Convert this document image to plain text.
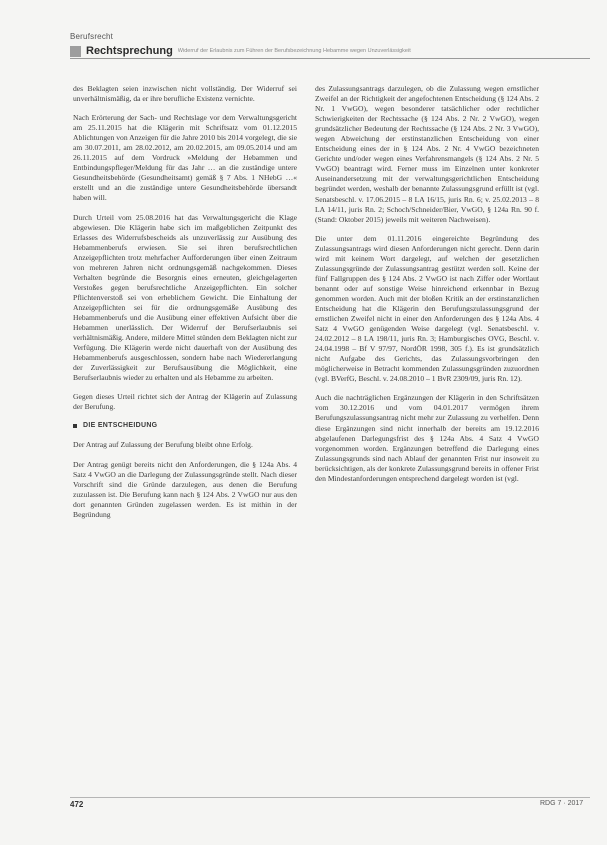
Berufsrecht
Rechtsprechung Widerruf der Erlaubnis zum Führen der Berufsbezeichnung Hebamme wegen Unzuverlässigkeit

des Beklagten seien inzwischen nicht vollständig. Der Widerruf sei unverhältnismäßig, da er ihre berufliche Existenz vernichte.

Nach Erörterung der Sach- und Rechtslage vor dem Verwaltungsgericht am 25.11.2015 hat die Klägerin mit Schriftsatz vom 01.12.2015 Ablichtungen von Anzeigen für die Jahre 2010 bis 2014 vorgelegt, die sie am 30.07.2011, am 28.02.2012, am 20.02.2015, am 09.05.2014 und am 26.11.2015 auf dem Vordruck »Meldung der Hebammen und Entbindungspfleger/Meldung für das Jahr … an die zuständige untere Gesundheitsbehörde (Gesundheitsamt) gemäß § 7 Abs. 1 NHebG …« erstellt und an die zuständige untere Gesundheitsbehörde übersandt haben will.

Durch Urteil vom 25.08.2016 hat das Verwaltungsgericht die Klage abgewiesen. Die Klägerin habe sich im maßgeblichen Zeitpunkt des Erlasses des Widerrufsbescheids als unzuverlässig zur Ausübung des Hebammenberufs erwiesen. Sie sei ihren berufsrechtlichen Anzeigepflichten trotz mehrfacher Aufforderungen über einen Zeitraum von mehreren Jahren nicht ordnungsgemäß nachgekommen. Dieses Verhalten begründe die Besorgnis eines erneuten, gleichgelagerten Verstoßes gegen berufsrechtliche Anzeigepflichten. Ein solcher Pflichtenverstoß sei von erheblichem Gewicht. Die Einhaltung der Anzeigepflichten sei für die ordnungsgemäße Ausübung des Hebammenberufs und die Ausübung einer effektiven Aufsicht über die Hebammen unerlässlich. Der Widerruf der Berufserlaubnis sei verhältnismäßig. Andere, mildere Mittel stünden dem Beklagten nicht zur Verfügung. Die Klägerin werde nicht dauerhaft von der Ausübung des Hebammenberufs ausgeschlossen, sondern habe nach Wiedererlangung der Zuverlässigkeit zur Berufsausübung die Möglichkeit, eine Berufserlaubnis wieder zu erhalten und als Hebamme zu arbeiten.

Gegen dieses Urteil richtet sich der Antrag der Klägerin auf Zulassung der Berufung.

DIE ENTSCHEIDUNG

Der Antrag auf Zulassung der Berufung bleibt ohne Erfolg.

Der Antrag genügt bereits nicht den Anforderungen, die § 124a Abs. 4 Satz 4 VwGO an die Darlegung der Zulassungsgründe stellt. Nach dieser Vorschrift sind die Gründe darzulegen, aus denen die Berufung zuzulassen ist. Die Berufung kann nach § 124 Abs. 2 VwGO nur aus den dort genannten Gründen zugelassen werden. Es ist mithin in der Begründung

des Zulassungsantrags darzulegen, ob die Zulassung wegen ernstlicher Zweifel an der Richtigkeit der angefochtenen Entscheidung (§ 124 Abs. 2 Nr. 1 VwGO), wegen besonderer tatsächlicher oder rechtlicher Schwierigkeiten der Rechtssache (§ 124 Abs. 2 Nr. 2 VwGO), wegen grundsätzlicher Bedeutung der Rechtssache (§ 124 Abs. 2 Nr. 3 VwGO), wegen Abweichung der erstinstanzlichen Entscheidung von einer Entscheidung eines der in § 124 Abs. 2 Nr. 4 VwGO bezeichneten Gerichte und/oder wegen eines Verfahrensmangels (§ 124 Abs. 2 Nr. 5 VwGO) beantragt wird. Ferner muss im Einzelnen unter konkreter Auseinandersetzung mit der verwaltungsgerichtlichen Entscheidung begründet werden, weshalb der benannte Zulassungsgrund erfüllt ist (vgl. Senatsbeschl. v. 17.06.2015 – 8 LA 16/15, juris Rn. 6; v. 25.02.2013 – 8 LA 14/11, juris Rn. 2; Schoch/Schneider/Bier, VwGO, § 124a Rn. 90 f. (Stand: Oktober 2015) jeweils mit weiteren Nachweisen).

Die unter dem 01.11.2016 eingereichte Begründung des Zulassungsantrags wird diesen Anforderungen nicht gerecht. Denn darin wird mit keinem Wort dargelegt, auf welchen der gesetzlichen Zulassungsgründe der Zulassungsantrag gestützt werden soll. Keine der fünf Fallgruppen des § 124 Abs. 2 VwGO ist nach Ziffer oder Wortlaut benannt oder auf sonstige Weise hinreichend erkennbar in Bezug genommen worden. Auch mit der bloßen Kritik an der erstinstanzlichen Entscheidung hat die Klägerin den Berufungszulassungsgrund der ernstlichen Zweifel nicht in einer den Anforderungen des § 124a Abs. 4 Satz 4 VwGO genügenden Weise dargelegt (vgl. Senatsbeschl. v. 24.02.2012 – 8 LA 198/11, juris Rn. 3; Hamburgisches OVG, Beschl. v. 24.04.1998 – Bf V 97/97, NordÖR 1998, 305 f.). Es ist grundsätzlich nicht Aufgabe des Gerichts, das Zulassungsvorbringen den möglicherweise in Betracht kommenden Zulassungsgründen zuzuordnen (vgl. BVerfG, Beschl. v. 24.08.2010 – 1 BvR 2309/09, juris Rn. 12).

Auch die nachträglichen Ergänzungen der Klägerin in den Schriftsätzen vom 30.12.2016 und vom 04.01.2017 vermögen ihrem Berufungszulassungsantrag nicht mehr zur Zulassung zu verhelfen. Denn diese Ergänzungen sind nicht innerhalb der bereits am 19.12.2016 abgelaufenen Darlegungsfrist des § 124a Abs. 4 Satz 4 VwGO vorgenommen worden. Ergänzungen betreffend die Darlegung eines Zulassungsgrunds sind nach Ablauf der genannten Frist nur insoweit zu berücksichtigen, als der konkrete Zulassungsgrund bereits in offener Frist den Mindestanforderungen entsprechend dargelegt worden ist (vgl.

472	RDG 7 · 2017
